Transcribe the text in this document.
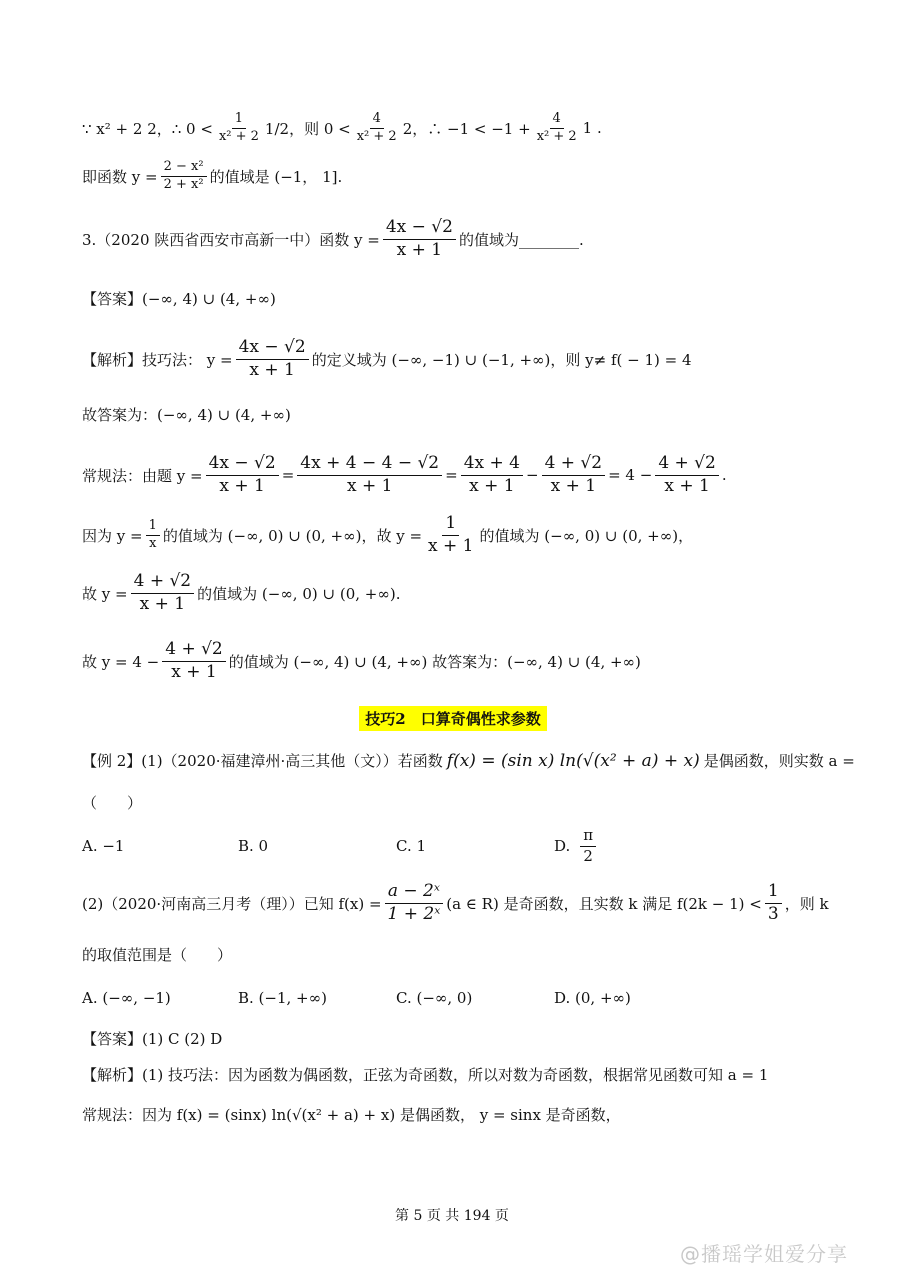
∵ x² + 2 2，∴ $0 < \frac{1}{\text{x² + 2}} 1/2$，则 $0 < \frac{4}{\text{x² + 2}} 2$，∴ $-1 < -1 + \frac{4}{\text{x² + 2}} 1$ .
即函数 $y = \frac{\text{2 − x²}}{\text{2 + x²}}$ 的值域是 (−1， 1].
3.（2020 陕西省西安市高新一中）函数 $y = \frac{4x - √2}{x + 1}$ 的值域为________.
【答案】(−∞, 4) ∪ (4, +∞)
【解析】技巧法： $y = \frac{4x - √2}{x + 1}$ 的定义域为 (−∞, −1) ∪ (−1, +∞)，则 y≠ f( − 1) = 4
故答案为：(−∞, 4) ∪ (4, +∞)
常规法：由题 $y = \frac{4x - √2}{x + 1} = \frac{4x + 4 - 4 - √2}{x + 1} = \frac{4x + 4}{x + 1} - \frac{4 + √2}{x + 1} = 4 - \frac{4 + √2}{x + 1}$ .
因为 $y = \frac{1}{x}$ 的值域为 (−∞, 0) ∪ (0, +∞)，故 $y = \frac{1}{x + 1}$ 的值域为 (−∞, 0) ∪ (0, +∞)，
故 $y = \frac{4 + √2}{x + 1}$ 的值域为 (−∞, 0) ∪ (0, +∞).
故 $y = 4 - \frac{4 + √2}{x + 1}$ 的值域为 (−∞, 4) ∪ (4, +∞) 故答案为：(−∞, 4) ∪ (4, +∞)
技巧2　口算奇偶性求参数
【例 2】(1)（2020·福建漳州·高三其他（文））若函数 f(x) = (sin x) ln(√(x² + a) + x) 是偶函数，则实数 a =
（　　）
A. −1	B. 0	C. 1	D. $\frac{\pi}{2}$
(2)（2020·河南高三月考（理））已知 $f(x) = \frac{\text{a − 2ˣ}}{\text{1 + 2ˣ}} (a$ ∈ R) 是奇函数，且实数 k 满足 $f(2k - 1) < \frac{1}{3}$ ，则 k
的取值范围是（　　）
A. (−∞, −1)	B. (−1, +∞)	C. (−∞, 0)	D. (0, +∞)
【答案】(1) C (2) D
【解析】(1) 技巧法：因为函数为偶函数，正弦为奇函数，所以对数为奇函数，根据常见函数可知 a = 1
常规法：因为 f(x) = (sinx) ln(√(x² + a) + x) 是偶函数， y = sinx 是奇函数，
第 5 页 共 194 页
@播瑶学姐爱分享
